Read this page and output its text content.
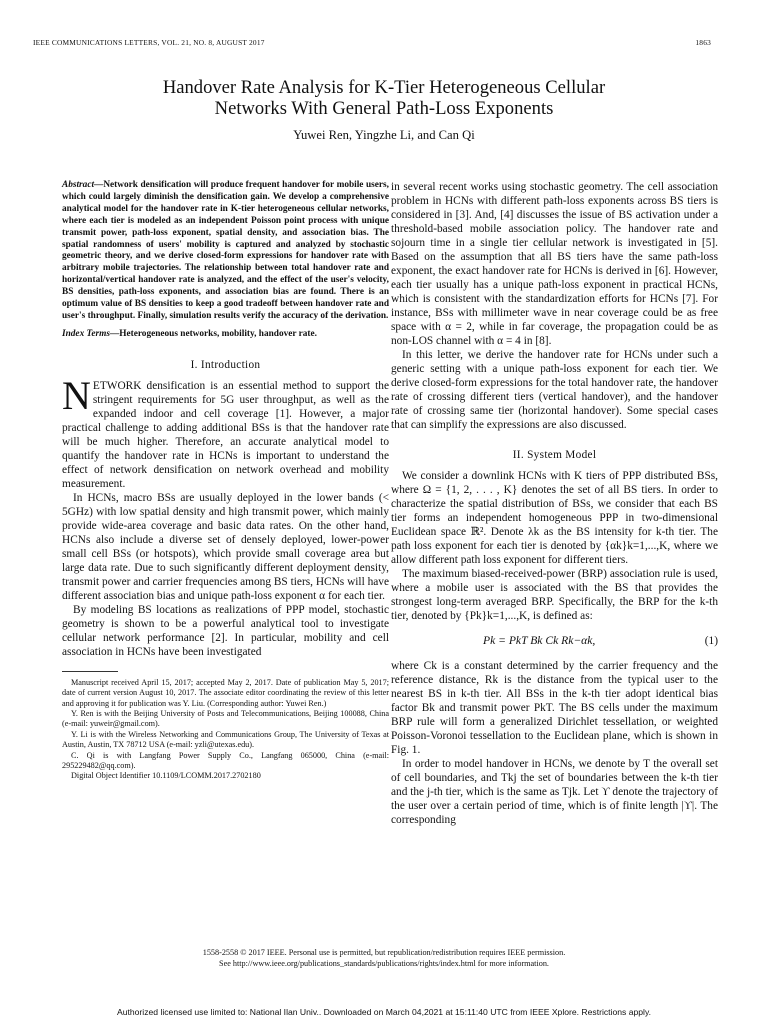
IEEE COMMUNICATIONS LETTERS, VOL. 21, NO. 8, AUGUST 2017	1863
Handover Rate Analysis for K-Tier Heterogeneous Cellular
Networks With General Path-Loss Exponents
Yuwei Ren, Yingzhe Li, and Can Qi
Abstract—Network densification will produce frequent handover for mobile users, which could largely diminish the densification gain. We develop a comprehensive analytical model for the handover rate in K-tier heterogeneous cellular networks, where each tier is modeled as an independent Poisson point process with unique transmit power, path-loss exponent, spatial density, and association bias. The spatial randomness of users' mobility is captured and analyzed by stochastic geometric theory, and we derive closed-form expressions for handover rate with arbitrary mobile trajectories. The relationship between total handover rate and horizontal/vertical handover rate is analyzed, and the effect of the user's velocity, BS densities, path-loss exponents, and association bias are found. There is an optimum value of BS densities to keep a good tradeoff between handover rate and user's throughput. Finally, simulation results verify the accuracy of the derivation.
Index Terms—Heterogeneous networks, mobility, handover rate.
I. Introduction

NETWORK densification is an essential method to support the stringent requirements for 5G user throughput, as well as the expanded indoor and cell coverage [1]. However, a major practical challenge to adding additional BSs is that the handover rate will be much higher. Therefore, an accurate analytical model to quantify the handover rate in HCNs is important to understand the effect of network densification on network overhead and mobility measurement.

In HCNs, macro BSs are usually deployed in the lower bands (< 5GHz) with low spatial density and high transmit power, which mainly provide wide-area coverage and basic data rates. On the other hand, HCNs also include a diverse set of densely deployed, lower-power small cell BSs (or hotspots), which provide small coverage area but large data rate. Due to such significantly different deployment density, transmit power and carrier frequencies among BS tiers, HCNs will have different association bias and unique path-loss exponent α for each tier.

By modeling BS locations as realizations of PPP model, stochastic geometry is shown to be a powerful analytical tool to investigate cellular network performance [2]. In particular, mobility and cell association in HCNs have been investigated

Manuscript received April 15, 2017; accepted May 2, 2017. Date of publication May 5, 2017; date of current version August 10, 2017. The associate editor coordinating the review of this letter and approving it for publication was Y. Liu. (Corresponding author: Yuwei Ren.)

Y. Ren is with the Beijing University of Posts and Telecommunications, Beijing 100088, China (e-mail: yuweir@gmail.com).

Y. Li is with the Wireless Networking and Communications Group, The University of Texas at Austin, Austin, TX 78712 USA (e-mail: yzli@utexas.edu).

C. Qi is with Langfang Power Supply Co., Langfang 065000, China (e-mail: 295229482@qq.com).

Digital Object Identifier 10.1109/LCOMM.2017.2702180

in several recent works using stochastic geometry. The cell association problem in HCNs with different path-loss exponents across BS tiers is considered in [3]. And, [4] discusses the issue of BS activation under a threshold-based mobile association policy. The handover rate and sojourn time in a single tier cellular network is investigated in [5]. Based on the assumption that all BS tiers have the same path-loss exponent, the exact handover rate for HCNs is derived in [6]. However, each tier usually has a unique path-loss exponent in practical HCNs, which is consistent with the standardization efforts for HCNs [7]. For instance, BSs with millimeter wave in near coverage could be as free space with α = 2, while in far coverage, the propagation could be as non-LOS channel with α = 4 in [8].

In this letter, we derive the handover rate for HCNs under such a generic setting with a unique path-loss exponent for each tier. We derive closed-form expressions for the total handover rate, the handover rate of crossing different tiers (vertical handover), and the handover rate of crossing same tier (horizontal handover). Some special cases that can simplify the expressions are also discussed.

II. System Model

We consider a downlink HCNs with K tiers of PPP distributed BSs, where Ω = {1, 2, . . . , K} denotes the set of all BS tiers. In order to characterize the spatial distribution of BSs, we consider that each BS tier forms an independent homogeneous PPP in two-dimensional Euclidean space ℝ². Denote λk as the BS intensity for k-th tier. The path loss exponent for each tier is denoted by {αk}k=1,...,K, where we allow different path loss exponent for different tiers.

The maximum biased-received-power (BRP) association rule is used, where a mobile user is associated with the BS that provides the strongest long-term averaged BRP. Specifically, the BRP for the k-th tier, denoted by {Pk}k=1,...,K, is defined as:

Pk = PkT Bk Ck Rk−αk,	(1)

where Ck is a constant determined by the carrier frequency and the reference distance, Rk is the distance from the typical user to the nearest BS in k-th tier. All BSs in the k-th tier adopt identical bias factor Bk and transmit power PkT. The BS cells under the maximum BRP rule will form a generalized Dirichlet tessellation, or weighted Poisson-Voronoi tessellation to the Euclidean plane, which is shown in Fig. 1.

In order to model handover in HCNs, we denote by T the overall set of cell boundaries, and Tkj the set of boundaries between the k-th tier and the j-th tier, which is the same as Tjk. Let ϒ denote the trajectory of the user over a certain period of time, which is of finite length |ϒ|. The corresponding

1558-2558 © 2017 IEEE. Personal use is permitted, but republication/redistribution requires IEEE permission.
See http://www.ieee.org/publications_standards/publications/rights/index.html for more information.
Authorized licensed use limited to: National Ilan Univ.. Downloaded on March 04,2021 at 15:11:40 UTC from IEEE Xplore. Restrictions apply.
